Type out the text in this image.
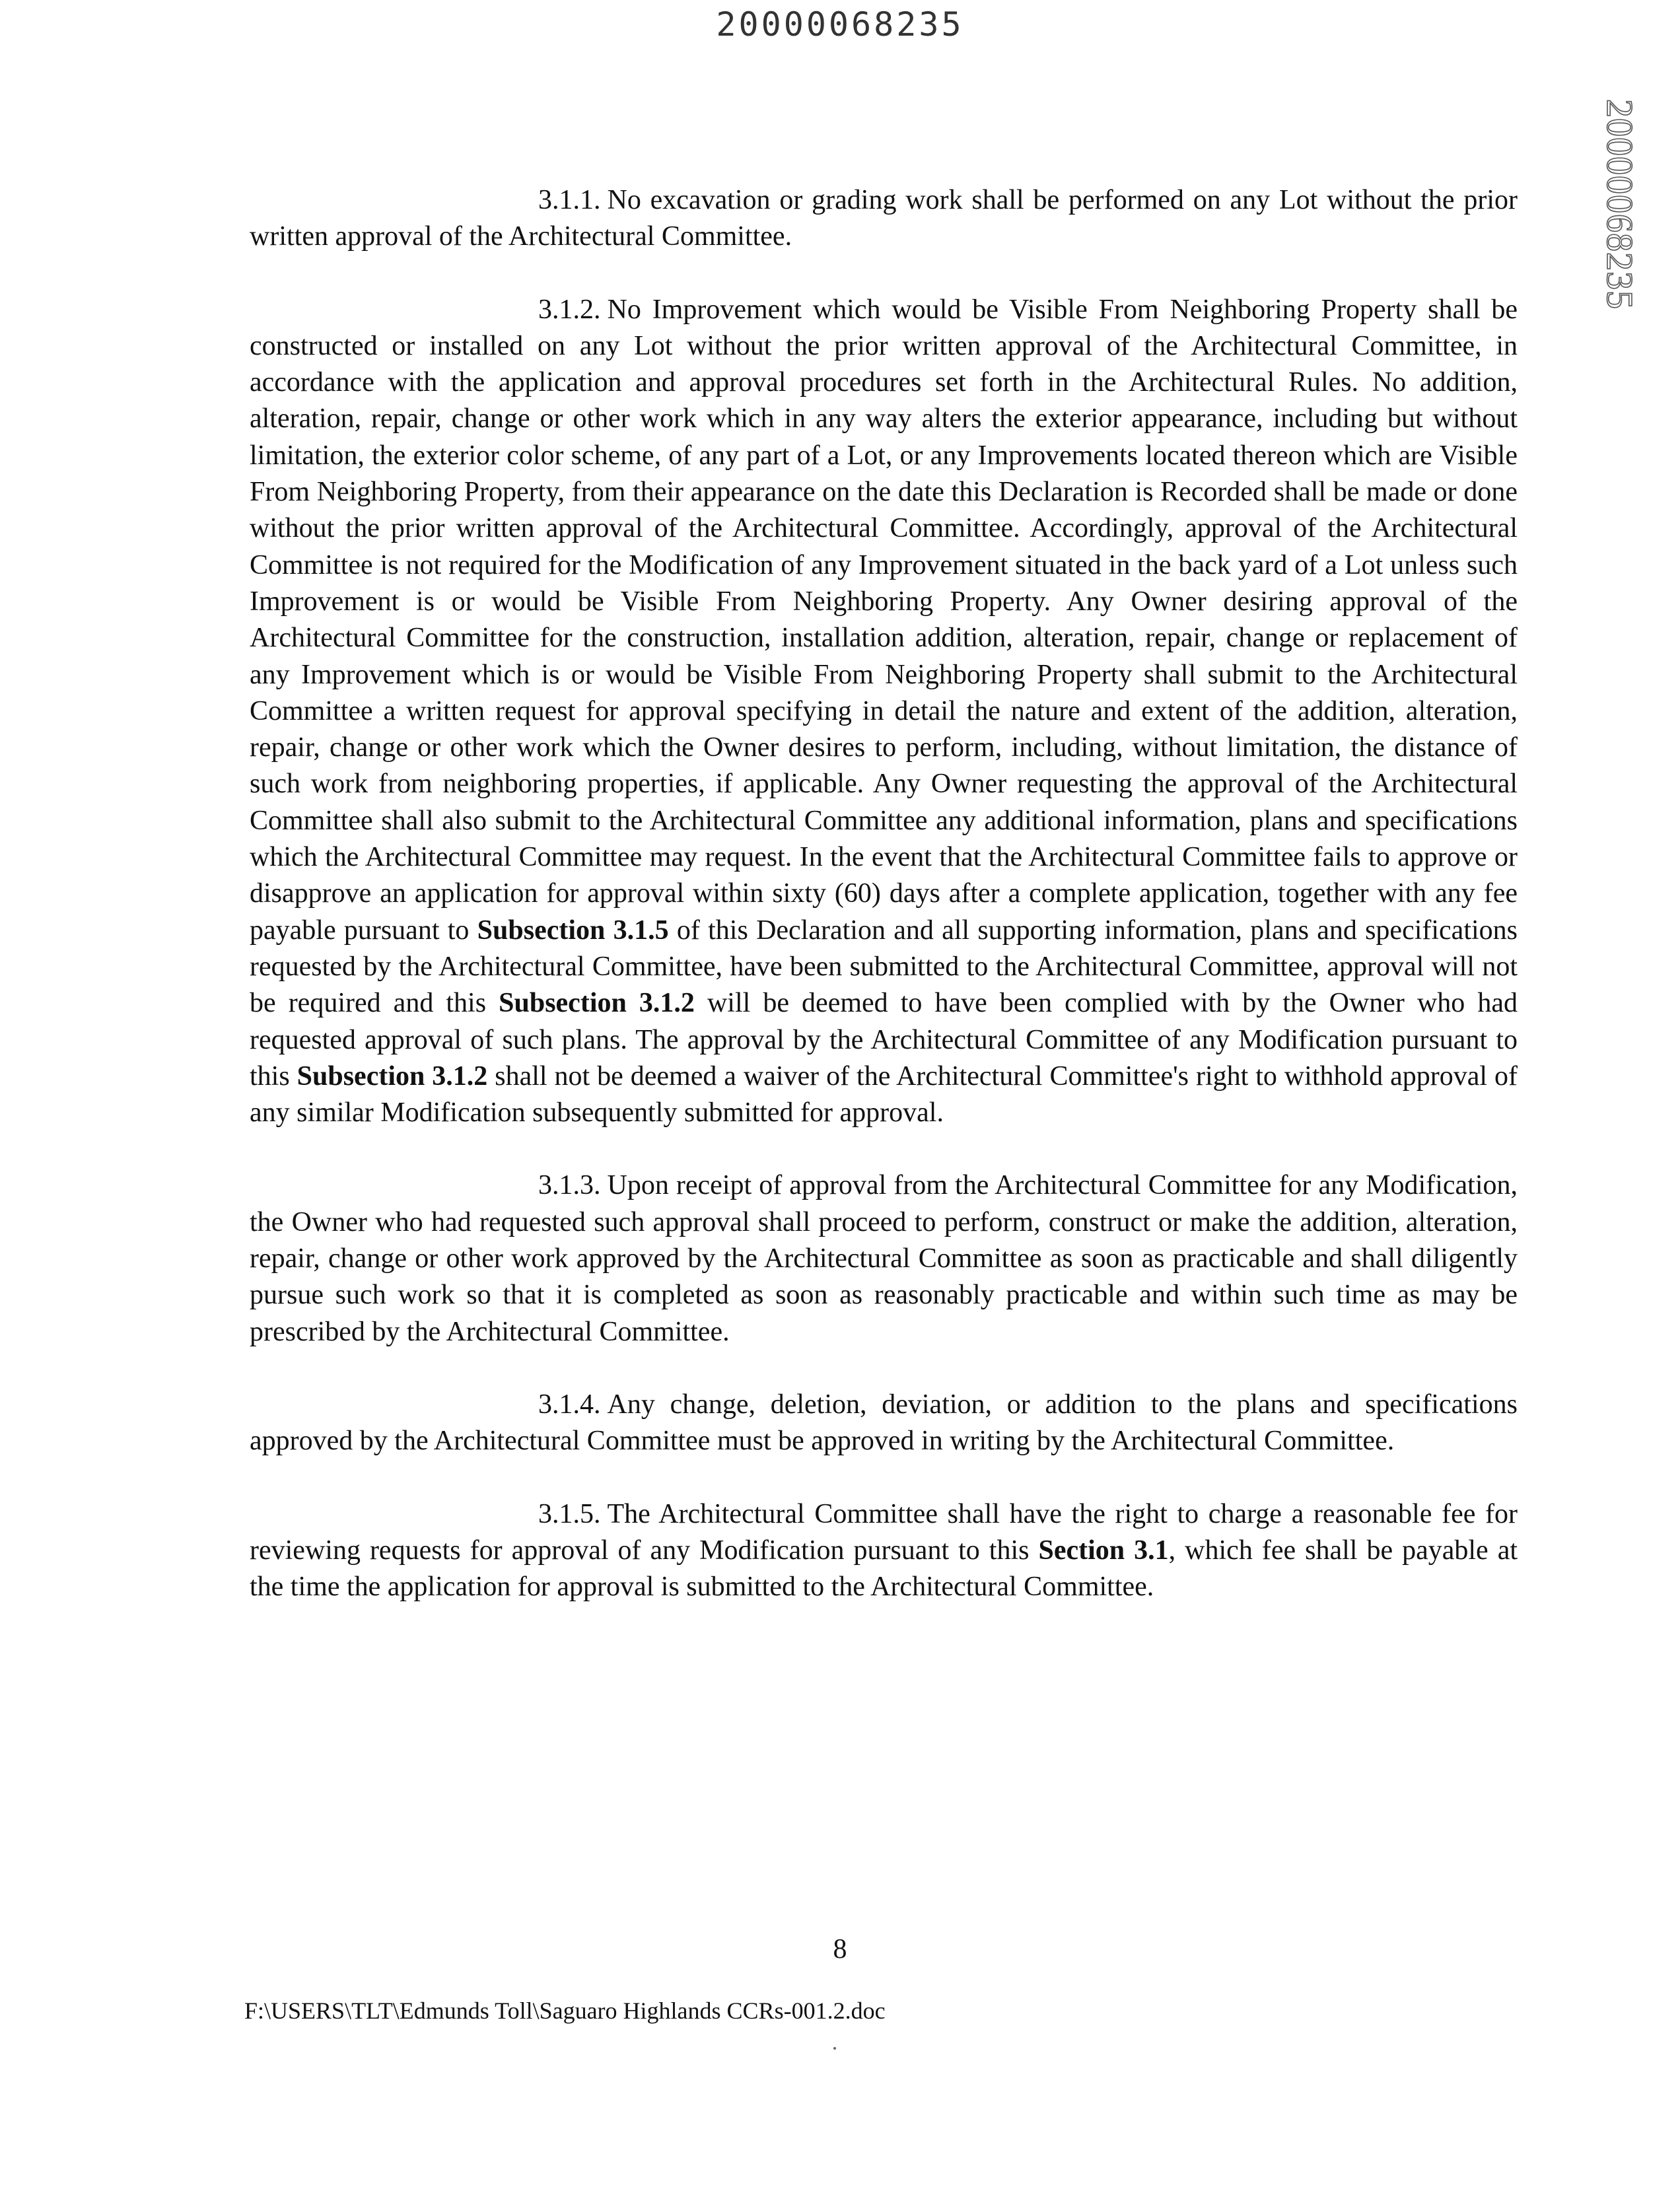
20000068235
20000068235

3.1.1. No excavation or grading work shall be performed on any Lot without the prior written approval of the Architectural Committee.

3.1.2. No Improvement which would be Visible From Neighboring Property shall be constructed or installed on any Lot without the prior written approval of the Architectural Committee, in accordance with the application and approval procedures set forth in the Architectural Rules. No addition, alteration, repair, change or other work which in any way alters the exterior appearance, including but without limitation, the exterior color scheme, of any part of a Lot, or any Improvements located thereon which are Visible From Neighboring Property, from their appearance on the date this Declaration is Recorded shall be made or done without the prior written approval of the Architectural Committee. Accordingly, approval of the Architectural Committee is not required for the Modification of any Improvement situated in the back yard of a Lot unless such Improvement is or would be Visible From Neighboring Property. Any Owner desiring approval of the Architectural Committee for the construction, installation addition, alteration, repair, change or replacement of any Improvement which is or would be Visible From Neighboring Property shall submit to the Architectural Committee a written request for approval specifying in detail the nature and extent of the addition, alteration, repair, change or other work which the Owner desires to perform, including, without limitation, the distance of such work from neighboring properties, if applicable. Any Owner requesting the approval of the Architectural Committee shall also submit to the Architectural Committee any additional information, plans and specifications which the Architectural Committee may request. In the event that the Architectural Committee fails to approve or disapprove an application for approval within sixty (60) days after a complete application, together with any fee payable pursuant to Subsection 3.1.5 of this Declaration and all supporting information, plans and specifications requested by the Architectural Committee, have been submitted to the Architectural Committee, approval will not be required and this Subsection 3.1.2 will be deemed to have been complied with by the Owner who had requested approval of such plans. The approval by the Architectural Committee of any Modification pursuant to this Subsection 3.1.2 shall not be deemed a waiver of the Architectural Committee's right to withhold approval of any similar Modification subsequently submitted for approval.

3.1.3. Upon receipt of approval from the Architectural Committee for any Modification, the Owner who had requested such approval shall proceed to perform, construct or make the addition, alteration, repair, change or other work approved by the Architectural Committee as soon as practicable and shall diligently pursue such work so that it is completed as soon as reasonably practicable and within such time as may be prescribed by the Architectural Committee.

3.1.4. Any change, deletion, deviation, or addition to the plans and specifications approved by the Architectural Committee must be approved in writing by the Architectural Committee.

3.1.5. The Architectural Committee shall have the right to charge a reasonable fee for reviewing requests for approval of any Modification pursuant to this Section 3.1, which fee shall be payable at the time the application for approval is submitted to the Architectural Committee.

8
F:\USERS\TLT\Edmunds Toll\Saguaro Highlands CCRs-001.2.doc
